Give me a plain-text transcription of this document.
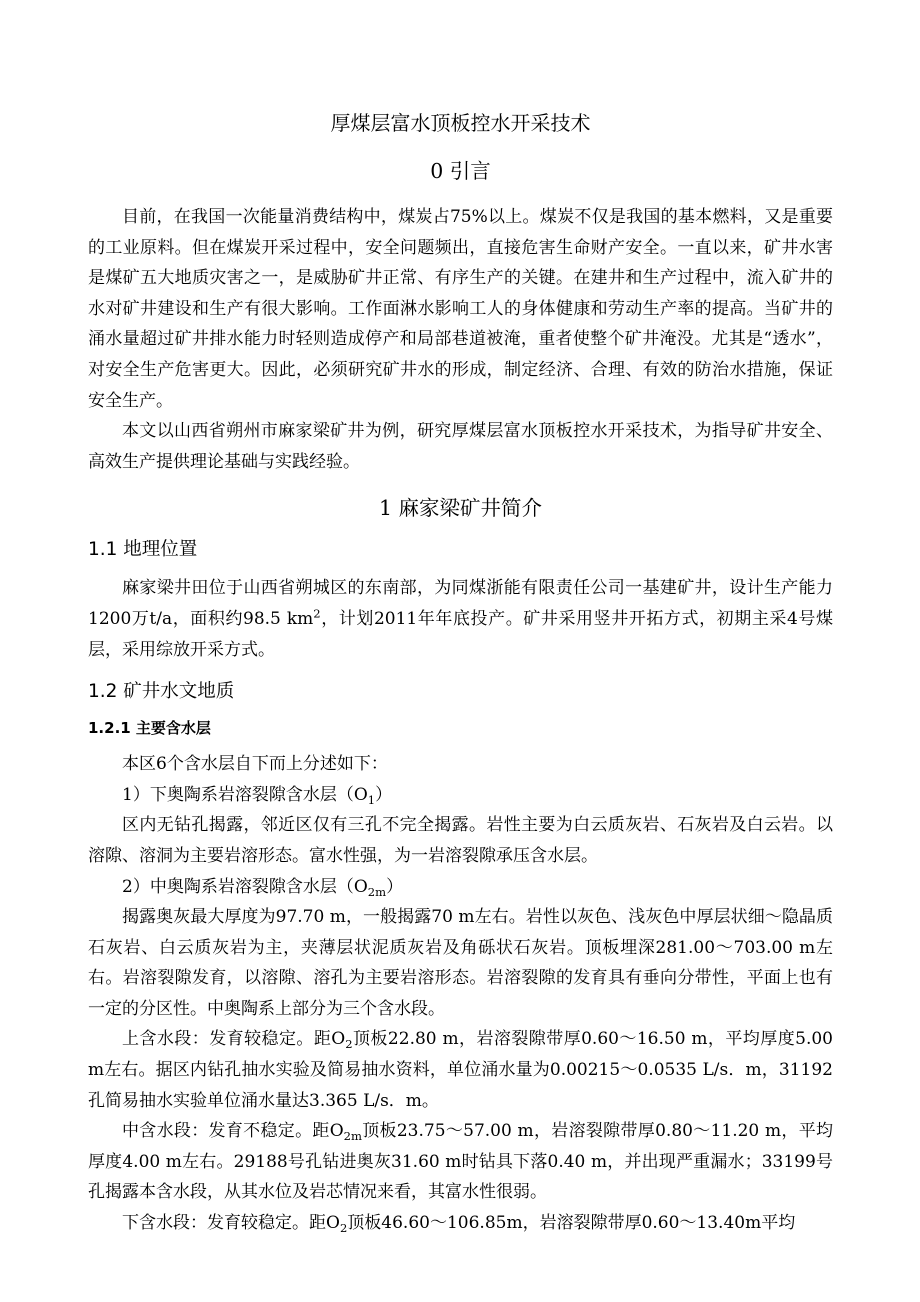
厚煤层富水顶板控水开采技术
0 引言

目前，在我国一次能量消费结构中，煤炭占75%以上。煤炭不仅是我国的基本燃料，又是重要的工业原料。但在煤炭开采过程中，安全问题频出，直接危害生命财产安全。一直以来，矿井水害是煤矿五大地质灾害之一，是威胁矿井正常、有序生产的关键。在建井和生产过程中，流入矿井的水对矿井建设和生产有很大影响。工作面淋水影响工人的身体健康和劳动生产率的提高。当矿井的涌水量超过矿井排水能力时轻则造成停产和局部巷道被淹，重者使整个矿井淹没。尤其是“透水”，对安全生产危害更大。因此，必须研究矿井水的形成，制定经济、合理、有效的防治水措施，保证安全生产。

本文以山西省朔州市麻家梁矿井为例，研究厚煤层富水顶板控水开采技术，为指导矿井安全、高效生产提供理论基础与实践经验。

1 麻家梁矿井简介
1.1 地理位置

麻家梁井田位于山西省朔城区的东南部，为同煤浙能有限责任公司一基建矿井，设计生产能力1200万t/a，面积约98.5 $km^2$，计划2011年年底投产。矿井采用竖井开拓方式，初期主采4号煤层，采用综放开采方式。

1.2 矿井水文地质
1.2.1 主要含水层

本区6个含水层自下而上分述如下：

1）下奥陶系岩溶裂隙含水层$(O_1)$

区内无钻孔揭露，邻近区仅有三孔不完全揭露。岩性主要为白云质灰岩、石灰岩及白云岩。以溶隙、溶洞为主要岩溶形态。富水性强，为一岩溶裂隙承压含水层。

2）中奥陶系岩溶裂隙含水层$(O_{2m})$

揭露奥灰最大厚度为97.70 m，一般揭露70 m左右。岩性以灰色、浅灰色中厚层状细～隐晶质石灰岩、白云质灰岩为主，夹薄层状泥质灰岩及角砾状石灰岩。顶板埋深281.00～703.00 m左右。岩溶裂隙发育，以溶隙、溶孔为主要岩溶形态。岩溶裂隙的发育具有垂向分带性，平面上也有一定的分区性。中奥陶系上部分为三个含水段。

上含水段：发育较稳定。距$O_2$顶板22.80 m，岩溶裂隙带厚0.60～16.50 m，平均厚度5.00 m左右。据区内钻孔抽水实验及简易抽水资料，单位涌水量为0.00215～0.0535 L/s．m，31192孔简易抽水实验单位涌水量达3.365 L/s．m。

中含水段：发育不稳定。距$O_{2m}$顶板23.75～57.00 m，岩溶裂隙带厚0.80～11.20 m，平均厚度4.00 m左右。29188号孔钻进奥灰31.60 m时钻具下落0.40 m，并出现严重漏水；33199号孔揭露本含水段，从其水位及岩芯情况来看，其富水性很弱。

下含水段：发育较稳定。距$O_2$顶板46.60～106.85m，岩溶裂隙带厚0.60～13.40m平均
